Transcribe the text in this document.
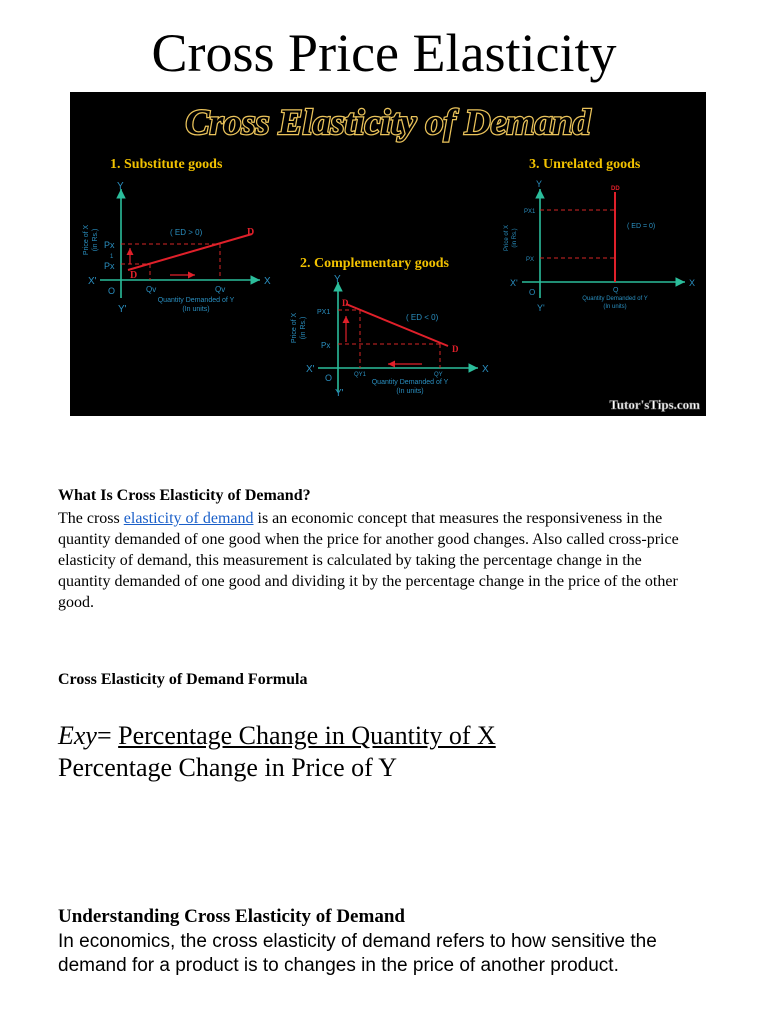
Cross Price Elasticity
Cross Elasticity of Demand
1. Substitute goods
Y
Y'
X
X'
O
Price of X (in Rs.)	( ED > 0)	D
D
Px
1
Px
Qv	Qv
Quantity Demanded of Y
(In units)
2. Complementary goods
Y
Y'
X
X'
O
Price of X (in Rs.)	( ED < 0)
D
D
PX1
Px
QY1	QY
Quantity Demanded of Y
(In units)
3. Unrelated goods
Y
Y'
X
X'
O
Price of X (in Rs.)
( ED = 0)
DD
PX1
PX
Q
Quantity Demanded of Y
(In units)
Tutor'sTips.com
What Is Cross Elasticity of Demand?
The cross elasticity of demand is an economic concept that measures the responsiveness in the quantity demanded of one good when the price for another good changes. Also called cross-price elasticity of demand, this measurement is calculated by taking the percentage change in the quantity demanded of one good and dividing it by the percentage change in the price of the other good.
Cross Elasticity of Demand Formula
Exy= Percentage Change in Quantity of X
Percentage Change in Price of Y
Understanding Cross Elasticity of Demand
In economics, the cross elasticity of demand refers to how sensitive the demand for a product is to changes in the price of another product.
